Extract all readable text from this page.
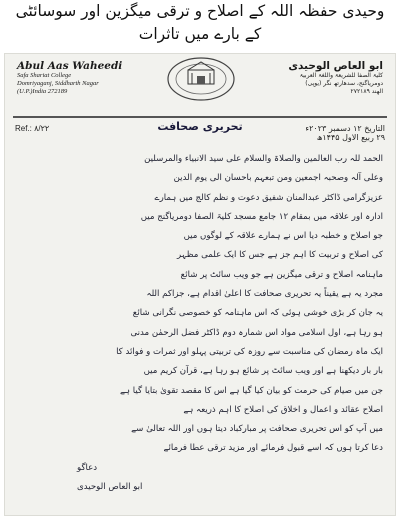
وحیدی حفظہ اللہ کے اصلاح و ترقی میگزین اور سوسائٹی
کے بارے میں تاثرات
Abul Aas Waheedi
Safa Shariat College
Domriyaganj, Siddharth Nagar
(U.P.)India 272189
ابو العاص الوحیدی
کلیۃ الصفا للشریعۃ واللغۃ العربیۃ
دومریاگنج، سدھارتھ نگر (یوپی)
الهند ۲۷۲۱۸۹
Ref.: ۸/۲۲	تحریری صحافت	التاریخ ۱۲ دسمبر ۲۰۲۳ء
۲۹ ربیع الاول ۱۴۴۵ھ

الحمد للہ رب العالمین والصلاۃ والسلام علی سید الانبیاء والمرسلین

وعلی آلہ وصحبہ اجمعین ومن تبعہم باحسان الی یوم الدین

عزیزگرامی ڈاکٹر عبدالمنان شفیق دعوت و نظم کالج میں ہمارے

ادارہ اور علاقہ میں بمقام ۱۲ جامع مسجد کلیۃ الصفا دومریاگنج میں

جو اصلاح و خطبہ دیا اس نے ہمارے علاقہ کے لوگوں میں

کی اصلاح و تربیت کا اہم جز ہے جس کا ایک علمی مظہر

ماہنامہ اصلاح و ترقی میگزین ہے جو ویب سائٹ پر شائع

مجرد یہ ہے یقیناً یہ تحریری صحافت کا اعلیٰ اقدام ہے، جزاکم اللہ

یہ جان کر بڑی خوشی ہوئی کہ اس ماہنامہ کو خصوصی نگرانی شائع

ہو رہا ہے، اول اسلامی مواد اس شمارہ دوم ڈاکٹر فضل الرحمٰن مدنی

ایک ماہ رمضان کی مناسبت سے روزہ کی تربیتی پہلو اور ثمرات و فوائد کا

بار بار دیکھنا ہے اور ویب سائٹ پر شائع ہو رہا ہے، قرآن کریم میں

جن میں صیام کی حرمت کو بیان کیا گیا ہے اس کا مقصد تقویٰ بتایا گیا ہے

اصلاح عقائد و اعمال و اخلاق کی اصلاح کا اہم ذریعہ ہے

میں آپ کو اس تحریری صحافت پر مبارکباد دیتا ہوں اور اللہ تعالیٰ سے

دعا کرتا ہوں کہ اسے قبول فرمائے اور مزید ترقی عطا فرمائے

دعاگو

ابو العاص الوحیدی
